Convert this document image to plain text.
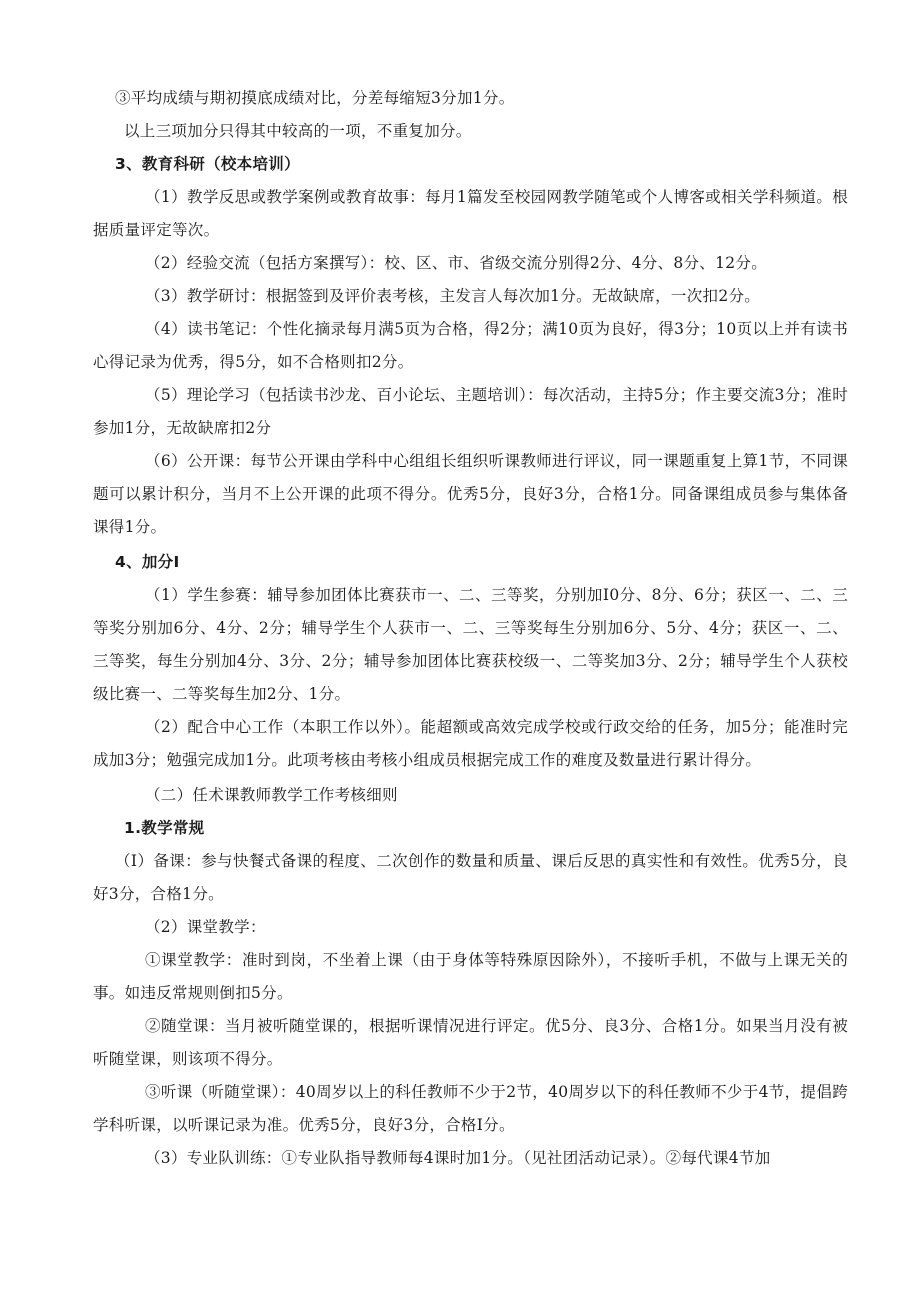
③平均成绩与期初摸底成绩对比，分差每缩短3分加1分。

以上三项加分只得其中较高的一项，不重复加分。

3、教育科研（校本培训）

（1）教学反思或教学案例或教育故事：每月1篇发至校园网教学随笔或个人博客或相关学科频道。根据质量评定等次。

（2）经验交流（包括方案撰写）：校、区、市、省级交流分别得2分、4分、8分、12分。

（3）教学研讨：根据签到及评价表考核，主发言人每次加1分。无故缺席，一次扣2分。

（4）读书笔记：个性化摘录每月满5页为合格，得2分；满10页为良好，得3分；10页以上并有读书心得记录为优秀，得5分，如不合格则扣2分。

（5）理论学习（包括读书沙龙、百小论坛、主题培训）：每次活动，主持5分；作主要交流3分；准时参加1分，无故缺席扣2分

（6）公开课：每节公开课由学科中心组组长组织听课教师进行评议，同一课题重复上算1节，不同课题可以累计积分，当月不上公开课的此项不得分。优秀5分，良好3分，合格1分。同备课组成员参与集体备课得1分。

4、加分Ⅰ

（1）学生参赛：辅导参加团体比赛获市一、二、三等奖，分别加I0分、8分、6分；获区一、二、三等奖分别加6分、4分、2分；辅导学生个人获市一、二、三等奖每生分别加6分、5分、4分；获区一、二、三等奖，每生分别加4分、3分、2分；辅导参加团体比赛获校级一、二等奖加3分、2分；辅导学生个人获校级比赛一、二等奖每生加2分、1分。

（2）配合中心工作（本职工作以外）。能超额或高效完成学校或行政交给的任务，加5分；能准时完成加3分；勉强完成加1分。此项考核由考核小组成员根据完成工作的难度及数量进行累计得分。

（二）任术课教师教学工作考核细则

1.教学常规

（I）备课：参与快餐式备课的程度、二次创作的数量和质量、课后反思的真实性和有效性。优秀5分，良好3分，合格1分。

（2）课堂教学：

①课堂教学：准时到岗，不坐着上课（由于身体等特殊原因除外），不接听手机，不做与上课无关的事。如违反常规则倒扣5分。

②随堂课：当月被听随堂课的，根据听课情况进行评定。优5分、良3分、合格1分。如果当月没有被听随堂课，则该项不得分。

③听课（听随堂课）：40周岁以上的科任教师不少于2节，40周岁以下的科任教师不少于4节，提倡跨学科听课，以听课记录为准。优秀5分，良好3分，合格I分。

（3）专业队训练：①专业队指导教师每4课时加1分。（见社团活动记录）。②每代课4节加
